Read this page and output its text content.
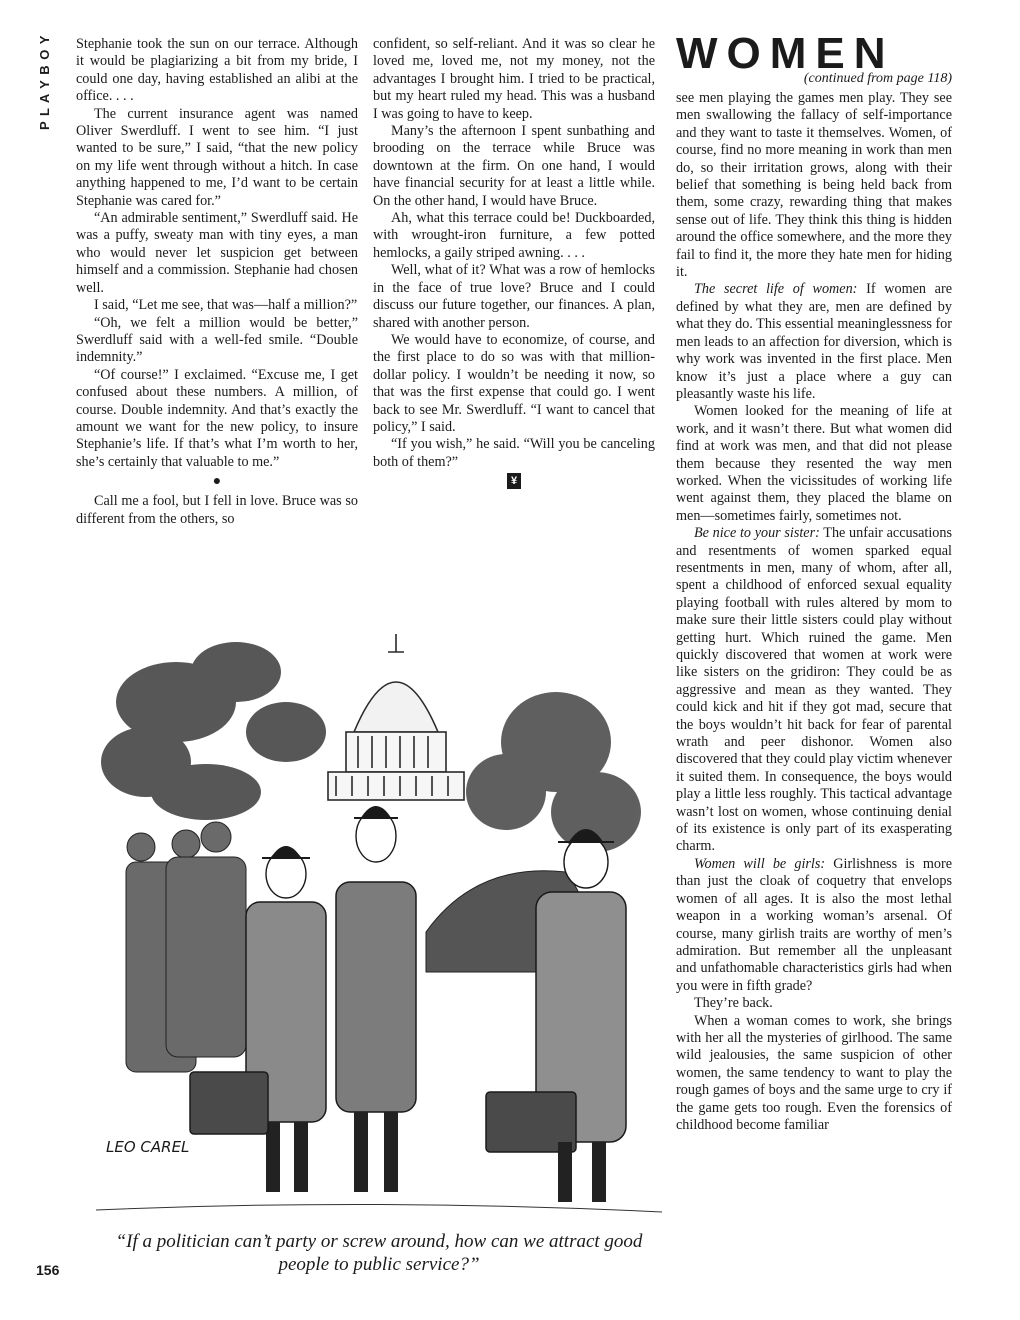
P L A Y B O Y	Stephanie took the sun on our terrace. Although it would be plagiarizing a bit from my bride, I could one day, having established an alibi at the office. . . .

The current insurance agent was named Oliver Swerdluff. I went to see him. “I just wanted to be sure,” I said, “that the new policy on my life went through without a hitch. In case anything happened to me, I’d want to be certain Stephanie was cared for.”

“An admirable sentiment,” Swerdluff said. He was a puffy, sweaty man with tiny eyes, a man who would never let suspicion get between himself and a commission. Stephanie had chosen well.

I said, “Let me see, that was—half a million?”

“Oh, we felt a million would be better,” Swerdluff said with a well-fed smile. “Double indemnity.”

“Of course!” I exclaimed. “Excuse me, I get confused about these numbers. A million, of course. Double indemnity. And that’s exactly the amount we want for the new policy, to insure Stephanie’s life. If that’s what I’m worth to her, she’s certainly that valuable to me.”

●

Call me a fool, but I fell in love. Bruce was so different from the others, so

confident, so self-reliant. And it was so clear he loved me, loved me, not my money, not the advantages I brought him. I tried to be practical, but my heart ruled my head. This was a husband I was going to have to keep.

Many’s the afternoon I spent sunbathing and brooding on the terrace while Bruce was downtown at the firm. On one hand, I would have financial security for at least a little while. On the other hand, I would have Bruce.

Ah, what this terrace could be! Duckboarded, with wrought-iron furniture, a few potted hemlocks, a gaily striped awning. . . .

Well, what of it? What was a row of hemlocks in the face of true love? Bruce and I could discuss our future together, our finances. A plan, shared with another person.

We would have to economize, of course, and the first place to do so was with that million-dollar policy. I wouldn’t be needing it now, so that was the first expense that could go. I went back to see Mr. Swerdluff. “I want to cancel that policy,” I said.

“If you wish,” he said. “Will you be canceling both of them?”

¥
WOMEN
(continued from page 118)

see men playing the games men play. They see men swallowing the fallacy of self-importance and they want to taste it themselves. Women, of course, find no more meaning in work than men do, so their irritation grows, along with their belief that something is being held back from them, some crazy, rewarding thing that makes sense out of life. They think this thing is hidden around the office somewhere, and the more they fail to find it, the more they hate men for hiding it.

The secret life of women: If women are defined by what they are, men are defined by what they do. This essential meaninglessness for men leads to an affection for diversion, which is why work was invented in the first place. Men know it’s just a place where a guy can pleasantly waste his life.

Women looked for the meaning of life at work, and it wasn’t there. But what women did find at work was men, and that did not please them because they resented the way men worked. When the vicissitudes of working life went against them, they placed the blame on men—sometimes fairly, sometimes not.

Be nice to your sister: The unfair accusations and resentments of women sparked equal resentments in men, many of whom, after all, spent a childhood of enforced sexual equality playing football with rules altered by mom to make sure their little sisters could play without getting hurt. Which ruined the game. Men quickly discovered that women at work were like sisters on the gridiron: They could be as aggressive and mean as they wanted. They could kick and hit if they got mad, secure that the boys wouldn’t hit back for fear of parental wrath and peer dishonor. Women also discovered that they could play victim whenever it suited them. In consequence, the boys would play a little less roughly. This tactical advantage wasn’t lost on women, whose continuing denial of its existence is only part of its exasperating charm.

Women will be girls: Girlishness is more than just the cloak of coquetry that envelops women of all ages. It is also the most lethal weapon in a working woman’s arsenal. Of course, many girlish traits are worthy of men’s admiration. But remember all the unpleasant and unfathomable characteristics girls had when you were in fifth grade?

They’re back.

When a woman comes to work, she brings with her all the mysteries of girlhood. The same wild jealousies, the same suspicion of other women, the same tendency to want to play the rough games of boys and the same urge to cry if the game gets too rough. Even the forensics of childhood become familiar

LEO CAREL
“If a politician can’t party or screw around, how can we attract good people to public service?”
156
